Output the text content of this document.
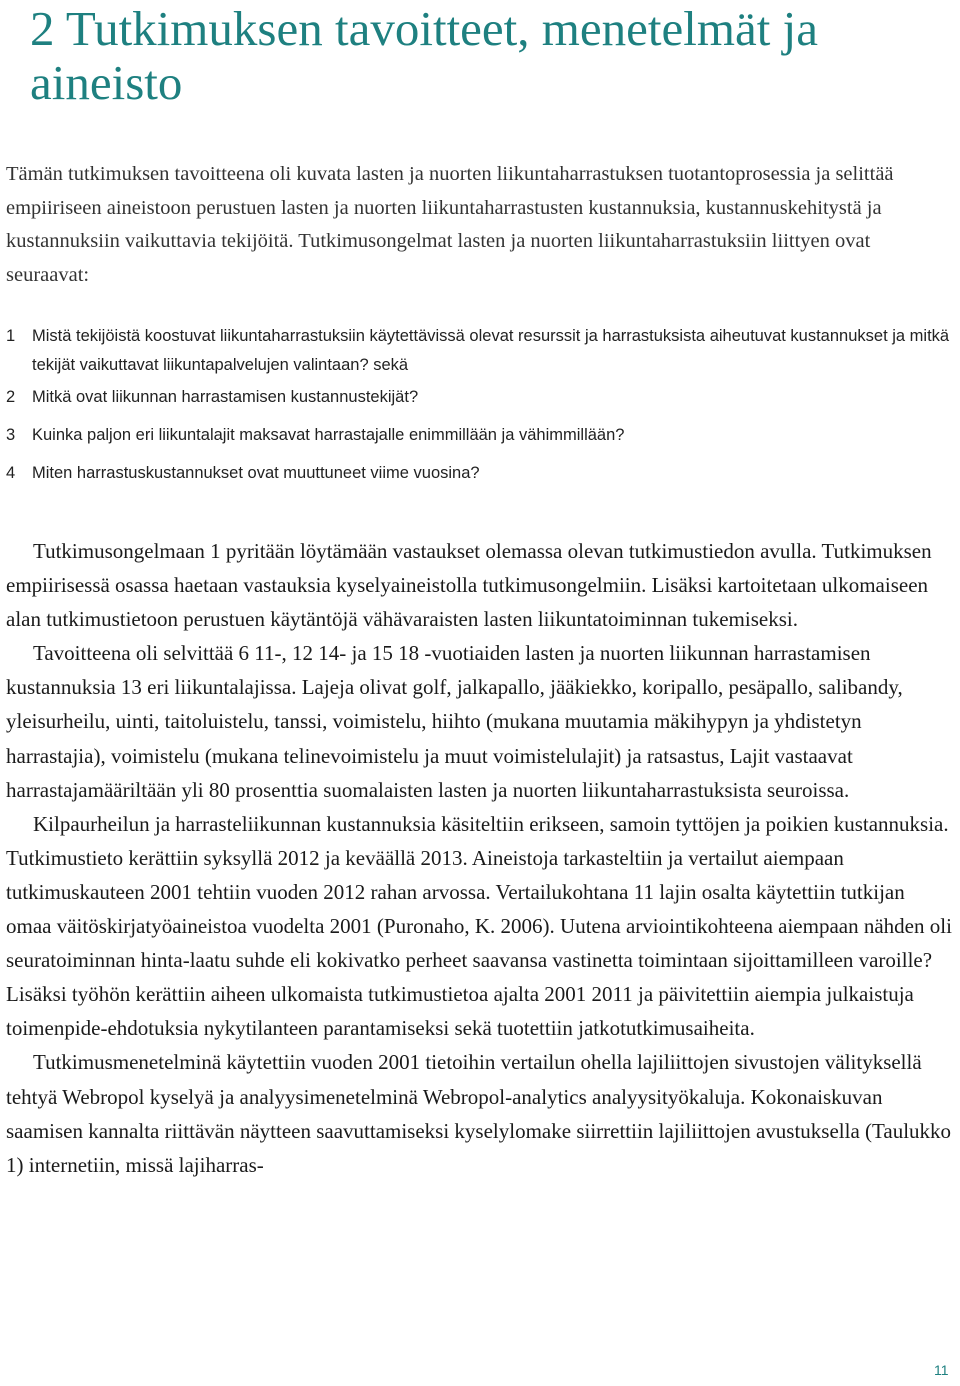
2 Tutkimuksen tavoitteet, menetelmät ja aineisto

Tämän tutkimuksen tavoitteena oli kuvata lasten ja nuorten liikuntaharrastuksen tuotantoprosessia ja selittää empiiriseen aineistoon perustuen lasten ja nuorten liikuntaharrastusten kustannuksia, kustannuskehitystä ja kustannuksiin vaikuttavia tekijöitä. Tutkimusongelmat lasten ja nuorten liikuntaharrastuksiin liittyen ovat seuraavat:

1	Mistä tekijöistä koostuvat liikuntaharrastuksiin käytettävissä olevat resurssit ja harrastuksista aiheutuvat kustannukset ja mitkä tekijät vaikuttavat liikuntapalvelujen valintaan? sekä

2	Mitkä ovat liikunnan harrastamisen kustannustekijät?

3	Kuinka paljon eri liikuntalajit maksavat harrastajalle enimmillään ja vähimmillään?

4	Miten harrastuskustannukset ovat muuttuneet viime vuosina?

Tutkimusongelmaan 1 pyritään löytämään vastaukset olemassa olevan tutkimustiedon avulla. Tutkimuksen empiirisessä osassa haetaan vastauksia kyselyaineistolla tutkimusongelmiin. Lisäksi kartoitetaan ulkomaiseen alan tutkimustietoon perustuen käytäntöjä vähävaraisten lasten liikuntatoiminnan tukemiseksi.

Tavoitteena oli selvittää 6 11-, 12 14- ja 15 18 -vuotiaiden lasten ja nuorten liikunnan harrastamisen kustannuksia 13 eri liikuntalajissa. Lajeja olivat golf, jalkapallo, jääkiekko, koripallo, pesäpallo, salibandy, yleisurheilu, uinti, taitoluistelu, tanssi, voimistelu, hiihto (mukana muutamia mäkihypyn ja yhdistetyn harrastajia), voimistelu (mukana telinevoimistelu ja muut voimistelulajit) ja ratsastus, Lajit vastaavat harrastajamääriltään yli 80 prosenttia suomalaisten lasten ja nuorten liikuntaharrastuksista seuroissa.

Kilpaurheilun ja harrasteliikunnan kustannuksia käsiteltiin erikseen, samoin tyttöjen ja poikien kustannuksia. Tutkimustieto kerättiin syksyllä 2012 ja keväällä 2013. Aineistoja tarkasteltiin ja vertailut aiempaan tutkimuskauteen 2001 tehtiin vuoden 2012 rahan arvossa. Vertailukohtana 11 lajin osalta käytettiin tutkijan omaa väitöskirjatyöaineistoa vuodelta 2001 (Puronaho, K. 2006). Uutena arviointikohteena aiempaan nähden oli seuratoiminnan hinta-laatu suhde eli kokivatko perheet saavansa vastinetta toimintaan sijoittamilleen varoille? Lisäksi työhön kerättiin aiheen ulkomaista tutkimustietoa ajalta 2001 2011 ja päivitettiin aiempia julkaistuja toimenpide-ehdotuksia nykytilanteen parantamiseksi sekä tuotettiin jatkotutkimusaiheita.

Tutkimusmenetelminä käytettiin vuoden 2001 tietoihin vertailun ohella lajiliittojen sivustojen välityksellä tehtyä Webropol kyselyä ja analyysimenetelminä Webropol-analytics analyysityökaluja. Kokonaiskuvan saamisen kannalta riittävän näytteen saavuttamiseksi kyselylomake siirrettiin lajiliittojen avustuksella (Taulukko 1) internetiin, missä lajiharras-

11
